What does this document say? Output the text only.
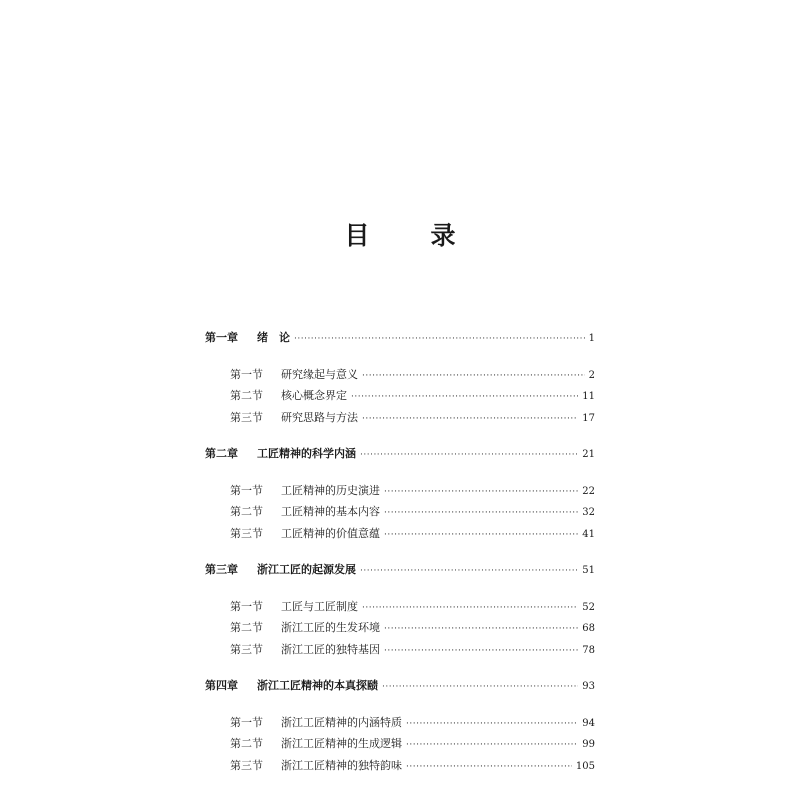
目　录
第一章	绪　论 ·····	1
第一节	研究缘起与意义 ·····	2
第二节	核心概念界定 ·····	11
第三节	研究思路与方法 ·····	17
第二章	工匠精神的科学内涵 ·····	21
第一节	工匠精神的历史演进 ·····	22
第二节	工匠精神的基本内容 ·····	32
第三节	工匠精神的价值意蕴 ·····	41
第三章	浙江工匠的起源发展 ·····	51
第一节	工匠与工匠制度 ·····	52
第二节	浙江工匠的生发环境 ·····	68
第三节	浙江工匠的独特基因 ·····	78
第四章	浙江工匠精神的本真探赜 ·····	93
第一节	浙江工匠精神的内涵特质 ·····	94
第二节	浙江工匠精神的生成逻辑 ·····	99
第三节	浙江工匠精神的独特韵味 ·····	105
